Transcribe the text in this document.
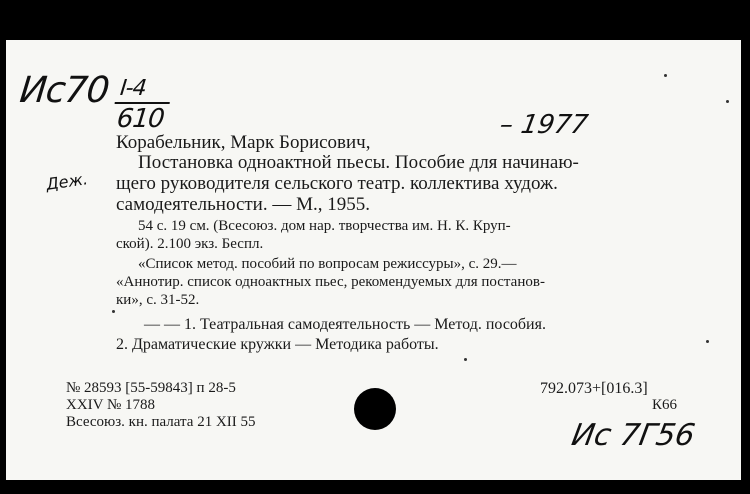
Ис70 I-4
610	– 1977
Деж.
Корабельник, Марк Борисович,
Постановка одноактной пьесы. Пособие для начинаю-
щего руководителя сельского театр. коллектива худож.
самодеятельности. — М., 1955.
54 с. 19 см. (Всесоюз. дом нар. творчества им. Н. К. Круп-
ской). 2.100 экз. Беспл.
«Список метод. пособий по вопросам режиссуры», с. 29.—
«Аннотир. список одноактных пьес, рекомендуемых для постанов-
ки», с. 31-52.
— — 1. Театральная самодеятельность — Метод. пособия.
2. Драматические кружки — Методика работы.
№ 28593 [55-59843] п 28-5
XXIV № 1788
Всесоюз. кн. палата 21 XII 55
792.073+[016.3]
К66
Ис 7Г56
